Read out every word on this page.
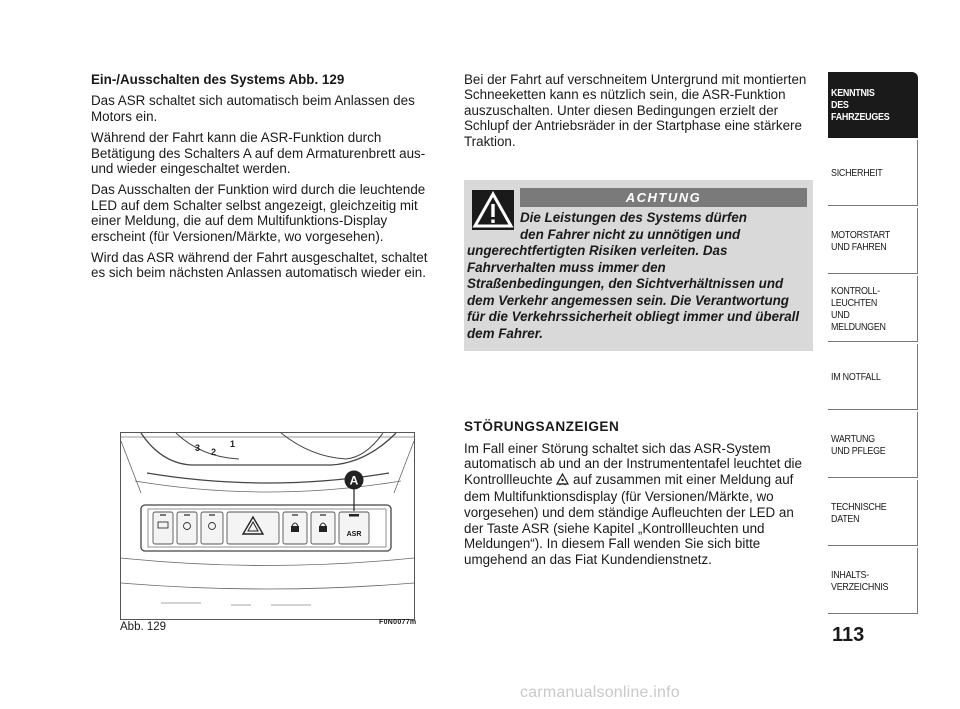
Ein-/Ausschalten des Systems Abb. 129

Das ASR schaltet sich automatisch beim Anlassen des Motors ein.

Während der Fahrt kann die ASR-Funktion durch Betätigung des Schalters A auf dem Armaturenbrett aus- und wieder eingeschaltet werden.

Das Ausschalten der Funktion wird durch die leuchtende LED auf dem Schalter selbst angezeigt, gleichzeitig mit einer Meldung, die auf dem Multifunktions-Display erscheint (für Versionen/Märkte, wo vorgesehen).

Wird das ASR während der Fahrt ausgeschaltet, schaltet es sich beim nächsten Anlassen automatisch wieder ein.

Bei der Fahrt auf verschneitem Untergrund mit montierten Schneeketten kann es nützlich sein, die ASR-Funktion auszuschalten. Unter diesen Bedingungen erzielt der Schlupf der Antriebsräder in der Startphase eine stärkere Traktion.

ACHTUNG
Die Leistungen des Systems dürfen
den Fahrer nicht zu unnötigen und
ungerechtfertigten Risiken verleiten. Das Fahrverhalten muss immer den Straßenbedingungen, den Sichtverhältnissen und dem Verkehr angemessen sein. Die Verantwortung für die Verkehrssicherheit obliegt immer und überall dem Fahrer.
STÖRUNGSANZEIGEN

Im Fall einer Störung schaltet sich das ASR-System automatisch ab und an der Instrumententafel leuchtet die Kontrollleuchte  auf zusammen mit einer Meldung auf dem Multifunktionsdisplay (für Versionen/Märkte, wo vorgesehen) und dem ständige Aufleuchten der LED an der Taste ASR (siehe Kapitel „Kontrollleuchten und Meldungen“). In diesem Fall wenden Sie sich bitte umgehend an das Fiat Kundendienstnetz.

3 2
1
ASR
A
Abb. 129	F0N0077m
KENNTNIS
DES FAHRZEUGES
SICHERHEIT
MOTORSTART
UND FAHREN
KONTROLL-
LEUCHTEN
UND MELDUNGEN
IM NOTFALL
WARTUNG
UND PFLEGE
TECHNISCHE
DATEN
INHALTS-
VERZEICHNIS
113
carmanualsonline.info
